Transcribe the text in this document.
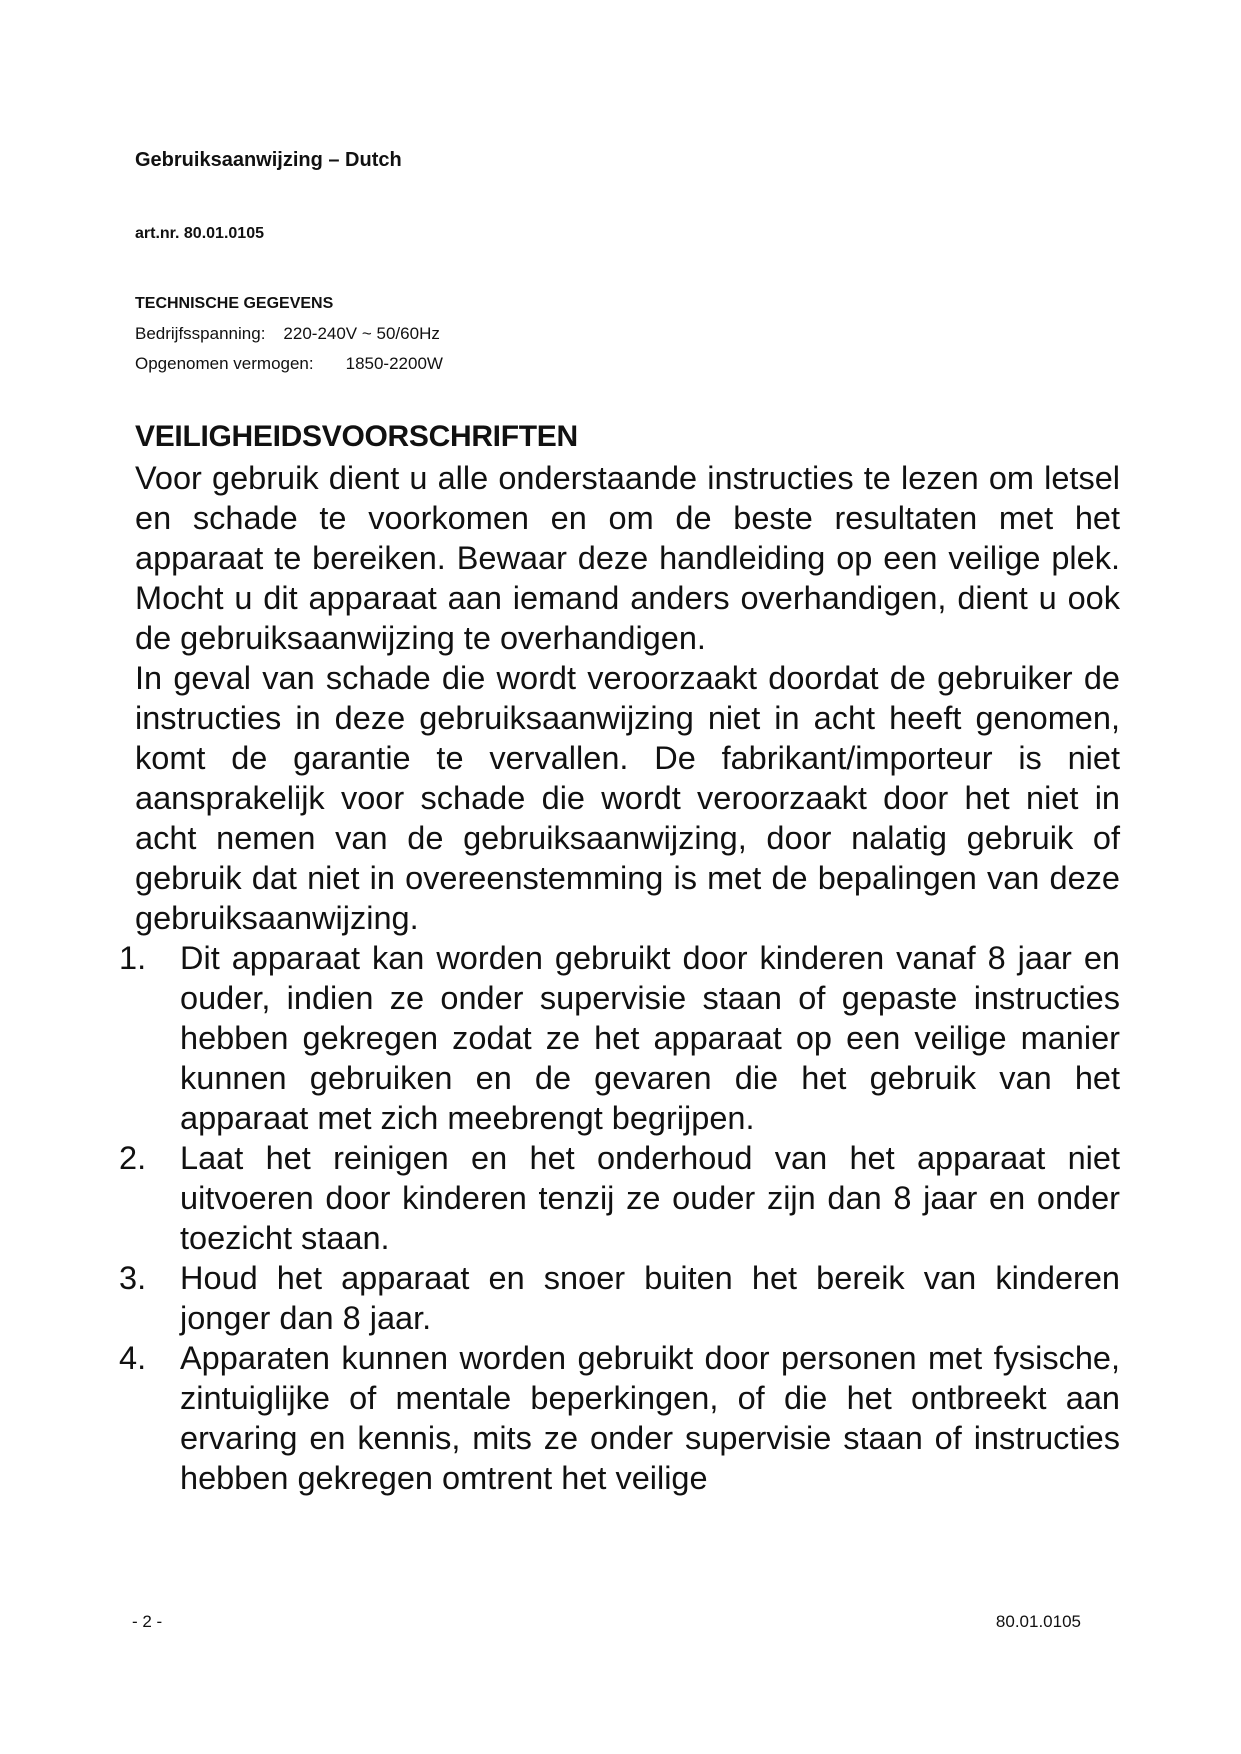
Gebruiksaanwijzing – Dutch
art.nr. 80.01.0105
TECHNISCHE GEGEVENS
Bedrijfsspanning: 220-240V ~ 50/60Hz
Opgenomen vermogen: 1850-2200W
VEILIGHEIDSVOORSCHRIFTEN

Voor gebruik dient u alle onderstaande instructies te lezen om letsel en schade te voorkomen en om de beste resultaten met het apparaat te bereiken. Bewaar deze handleiding op een veilige plek. Mocht u dit apparaat aan iemand anders overhandigen, dient u ook de gebruiksaanwijzing te overhandigen.

In geval van schade die wordt veroorzaakt doordat de gebruiker de instructies in deze gebruiksaanwijzing niet in acht heeft genomen, komt de garantie te vervallen. De fabrikant/importeur is niet aansprakelijk voor schade die wordt veroorzaakt door het niet in acht nemen van de gebruiksaanwijzing, door nalatig gebruik of gebruik dat niet in overeenstemming is met de bepalingen van deze gebruiksaanwijzing.

1. Dit apparaat kan worden gebruikt door kinderen vanaf 8 jaar en ouder, indien ze onder supervisie staan of gepaste instructies hebben gekregen zodat ze het apparaat op een veilige manier kunnen gebruiken en de gevaren die het gebruik van het apparaat met zich meebrengt begrijpen.
2. Laat het reinigen en het onderhoud van het apparaat niet uitvoeren door kinderen tenzij ze ouder zijn dan 8 jaar en onder toezicht staan.
3. Houd het apparaat en snoer buiten het bereik van kinderen jonger dan 8 jaar.
4. Apparaten kunnen worden gebruikt door personen met fysische, zintuiglijke of mentale beperkingen, of die het ontbreekt aan ervaring en kennis, mits ze onder supervisie staan of instructies hebben gekregen omtrent het veilige
- 2 -	80.01.0105
